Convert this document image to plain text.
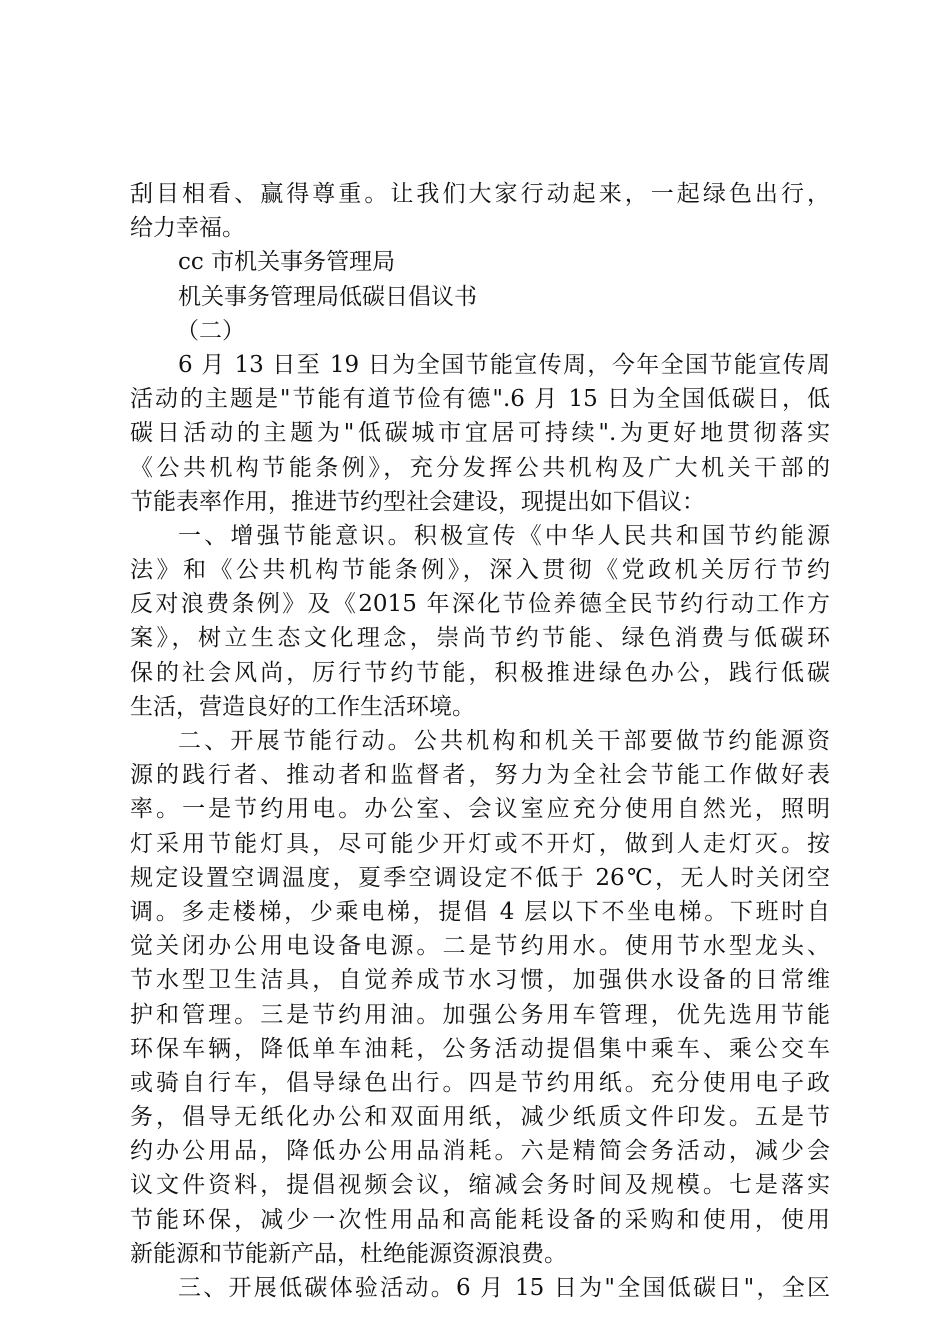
刮目相看、赢得尊重。让我们大家行动起来，一起绿色出行，
给力幸福。
cc 市机关事务管理局
机关事务管理局低碳日倡议书
（二）
6 月 13 日至 19 日为全国节能宣传周，今年全国节能宣传周
活动的主题是"节能有道节俭有德".6 月 15 日为全国低碳日，低
碳日活动的主题为"低碳城市宜居可持续".为更好地贯彻落实
《公共机构节能条例》，充分发挥公共机构及广大机关干部的
节能表率作用，推进节约型社会建设，现提出如下倡议：
一、增强节能意识。积极宣传《中华人民共和国节约能源
法》和《公共机构节能条例》，深入贯彻《党政机关厉行节约
反对浪费条例》及《2015 年深化节俭养德全民节约行动工作方
案》，树立生态文化理念，崇尚节约节能、绿色消费与低碳环
保的社会风尚，厉行节约节能，积极推进绿色办公，践行低碳
生活，营造良好的工作生活环境。
二、开展节能行动。公共机构和机关干部要做节约能源资
源的践行者、推动者和监督者，努力为全社会节能工作做好表
率。一是节约用电。办公室、会议室应充分使用自然光，照明
灯采用节能灯具，尽可能少开灯或不开灯，做到人走灯灭。按
规定设置空调温度，夏季空调设定不低于 26℃，无人时关闭空
调。多走楼梯，少乘电梯，提倡 4 层以下不坐电梯。下班时自
觉关闭办公用电设备电源。二是节约用水。使用节水型龙头、
节水型卫生洁具，自觉养成节水习惯，加强供水设备的日常维
护和管理。三是节约用油。加强公务用车管理，优先选用节能
环保车辆，降低单车油耗，公务活动提倡集中乘车、乘公交车
或骑自行车，倡导绿色出行。四是节约用纸。充分使用电子政
务，倡导无纸化办公和双面用纸，减少纸质文件印发。五是节
约办公用品，降低办公用品消耗。六是精简会务活动，减少会
议文件资料，提倡视频会议，缩减会务时间及规模。七是落实
节能环保，减少一次性用品和高能耗设备的采购和使用，使用
新能源和节能新产品，杜绝能源资源浪费。
三、开展低碳体验活动。6 月 15 日为"全国低碳日"，全区
